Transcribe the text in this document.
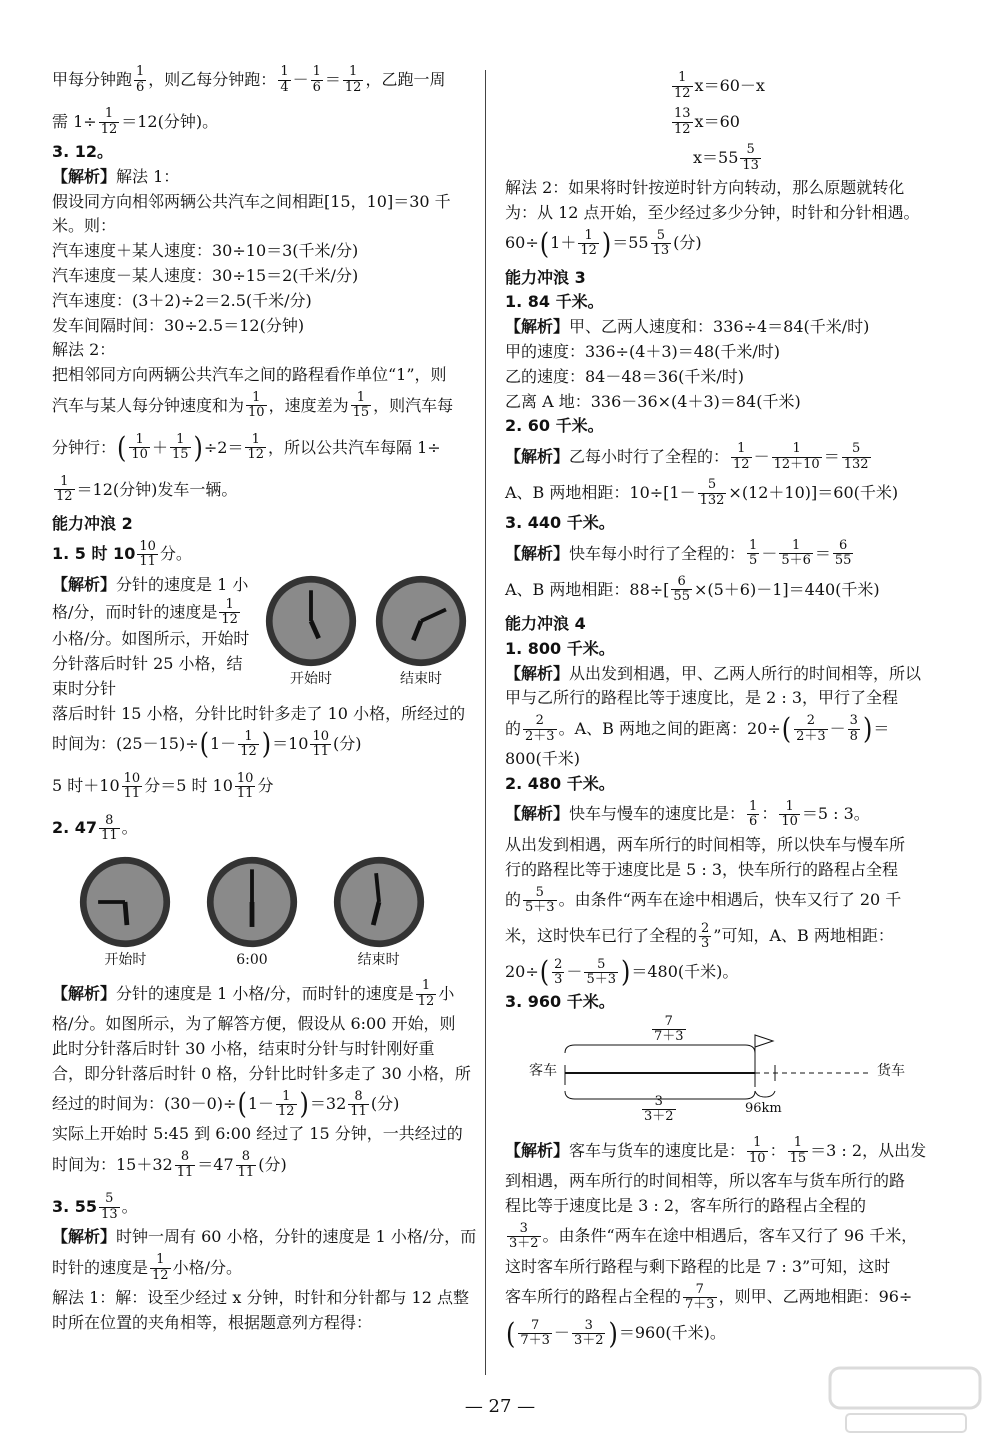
甲每分钟跑 $\frac{1}{6}$ ，则乙每分钟跑： $\frac{1}{4} - \frac{1}{6} = \frac{1}{12}$ ，乙跑一周
需 $1\div \frac{1}{12} =12$(分钟)。
3. 12。
【解析】解法 1：
假设同方向相邻两辆公共汽车之间相距[15，10]＝30 千
米。则：
汽车速度＋某人速度：30÷10＝3(千米/分)
汽车速度－某人速度：30÷15＝2(千米/分)
汽车速度：(3＋2)÷2＝2.5(千米/分)
发车间隔时间：30÷2.5＝12(分钟)
解法 2：
把相邻同方向两辆公共汽车之间的路程看作单位“1”，则
汽车与某人每分钟速度和为 $\frac{1}{10}$ ，速度差为 $\frac{1}{15}$ ，则汽车每
分钟行： ( $\frac{1}{10} + \frac{1}{15}$ ) $\div 2= \frac{1}{12}$ ，所以公共汽车每隔 1÷
$\frac{1}{12} =12$(分钟)发车一辆。
能力冲浪 2
1. 5 时 $10 \frac{10}{11}$ 分。
【解析】分针的速度是 1 小格/分，而时针的速度是 $\frac{1}{12}$
小格/分。如图所示，开始时分针落后时针 25 小格，结束时分针	开始时	结束时
落后时针 15 小格，分针比时针多走了 10 小格，所经过的
时间为：(25－15)÷ ( $1- \frac{1}{12}$ ) $=10 \frac{10}{11}$ (分)
5 时$+10 \frac{10}{11}$ 分＝5 时 $10 \frac{10}{11}$ 分
2. $47 \frac{8}{11}$ 。
开始时	6:00	结束时
【解析】 分针的速度是 1 小格/分，而时针的速度是 $\frac{1}{12}$ 小
格/分。如图所示，为了解答方便，假设从 6:00 开始，则
此时分针落后时针 30 小格，结束时分针与时针刚好重
合，即分针落后时针 0 格，分针比时针多走了 30 小格，所
经过的时间为：(30－0)÷ ( $1- \frac{1}{12}$ ) $=32 \frac{8}{11}$ (分)
实际上开始时 5:45 到 6:00 经过了 15 分钟，一共经过的
时间为：$15+32 \frac{8}{11} =47 \frac{8}{11}$ (分)
3. $55 \frac{5}{13}$ 。
【解析】时钟一周有 60 小格，分针的速度是 1 小格/分，而
时针的速度是 $\frac{1}{12}$ 小格/分。
解法 1：解：设至少经过 x 分钟，时针和分针都与 12 点整
时所在位置的夹角相等，根据题意列方程得：
$\frac{1}{12} x=60-x$
$\frac{13}{12} x=60$
$x=55 \frac{5}{13}$
解法 2：如果将时针按逆时针方向转动，那么原题就转化
为：从 12 点开始，至少经过多少分钟，时针和分针相遇。
60÷ ( $1+ \frac{1}{12}$ ) $=55 \frac{5}{13}$ (分)
能力冲浪 3
1. 84 千米。
【解析】甲、乙两人速度和：336÷4＝84(千米/时)
甲的速度：336÷(4＋3)＝48(千米/时)
乙的速度：84－48＝36(千米/时)
乙离 A 地：336－36×(4＋3)＝84(千米)
2. 60 千米。
【解析】 乙每小时行了全程的： $\frac{1}{12} - \frac{1}{12+10} = \frac{5}{132}$
A、B 两地相距：$10\div[1- \frac{5}{132} \times(12+10)]=60$(千米)
3. 440 千米。
【解析】 快车每小时行了全程的： $\frac{1}{5} - \frac{1}{5+6} = \frac{6}{55}$
A、B 两地相距：$88\div[ \frac{6}{55} \times(5+6)-1]=440$(千米)
能力冲浪 4
1. 800 千米。
【解析】从出发到相遇，甲、乙两人所行的时间相等，所以
甲与乙所行的路程比等于速度比，是 2 : 3，甲行了全程
的 $\frac{2}{2+3}$ 。A、B 两地之间的距离：20÷ ( $\frac{2}{2+3} - \frac{3}{8}$ ) ＝
800(千米)
2. 480 千米。
【解析】 快车与慢车的速度比是： $\frac{1}{6}$ ： $\frac{1}{10} =5$ : 3。
从出发到相遇，两车所行的时间相等，所以快车与慢车所
行的路程比等于速度比是 5 : 3，快车所行的路程占全程
的 $\frac{5}{5+3}$ 。由条件“两车在途中相遇后，快车又行了 20 千
米，这时快车已行了全程的 $\frac{2}{3}$ ”可知，A、B 两地相距：
20÷ ( $\frac{2}{3} - \frac{5}{5+3}$ ) ＝480(千米)。
3. 960 千米。
$\frac{7}{7+3}$
客车	货车
96km
$\frac{3}{3+2}$
【解析】 客车与货车的速度比是： $\frac{1}{10}$ ： $\frac{1}{15} =3$ : 2，从出发
到相遇，两车所行的时间相等，所以客车与货车所行的路
程比等于速度比是 3 : 2，客车所行的路程占全程的
$\frac{3}{3+2}$ 。由条件“两车在途中相遇后，客车又行了 96 千米，
这时客车所行路程与剩下路程的比是 7 : 3”可知，这时
客车所行的路程占全程的 $\frac{7}{7+3}$ ，则甲、乙两地相距：96÷
( $\frac{7}{7+3} - \frac{3}{3+2}$ ) ＝960(千米)。
— 27 —
